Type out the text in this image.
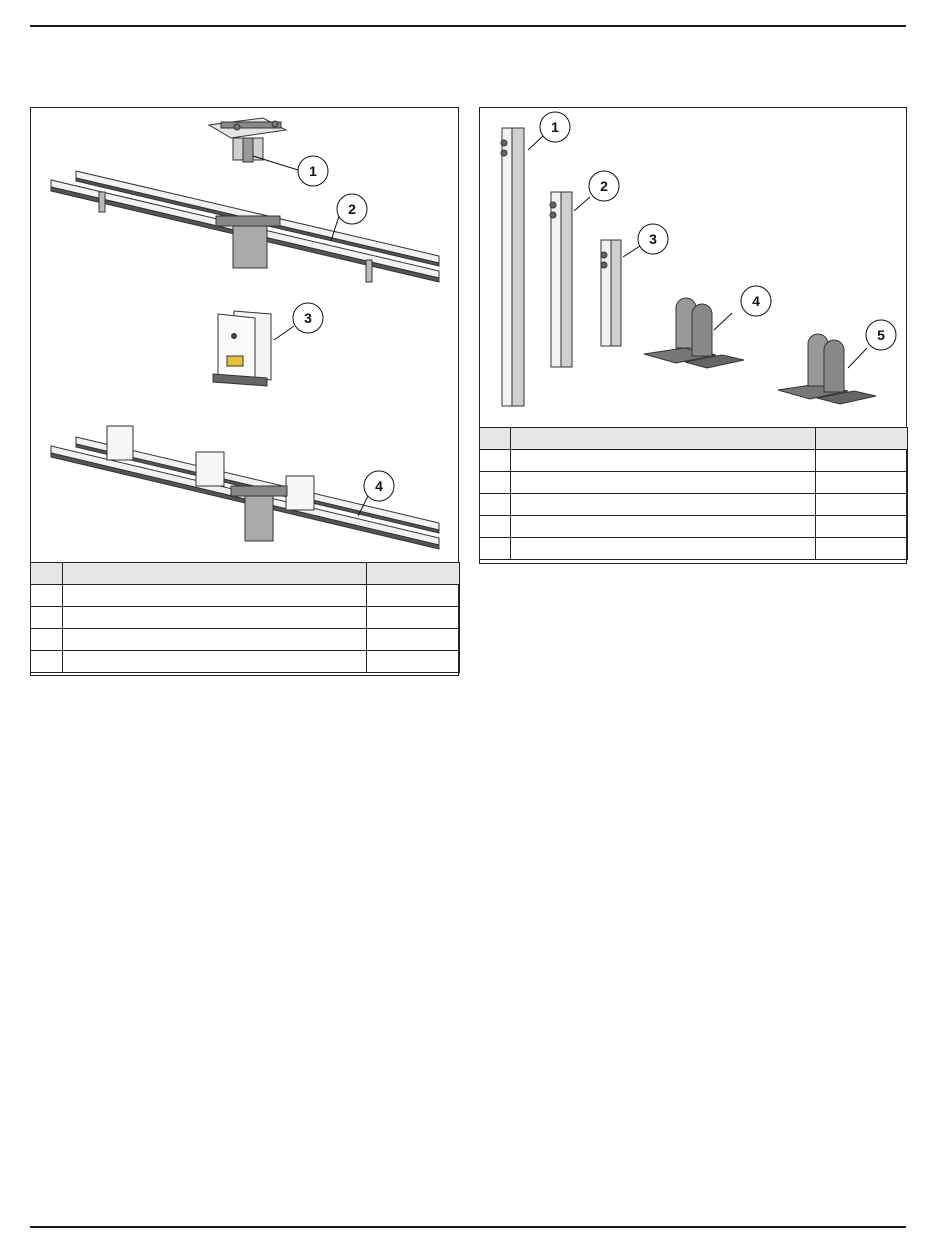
1
2
3
4

1
2
3
4
5
